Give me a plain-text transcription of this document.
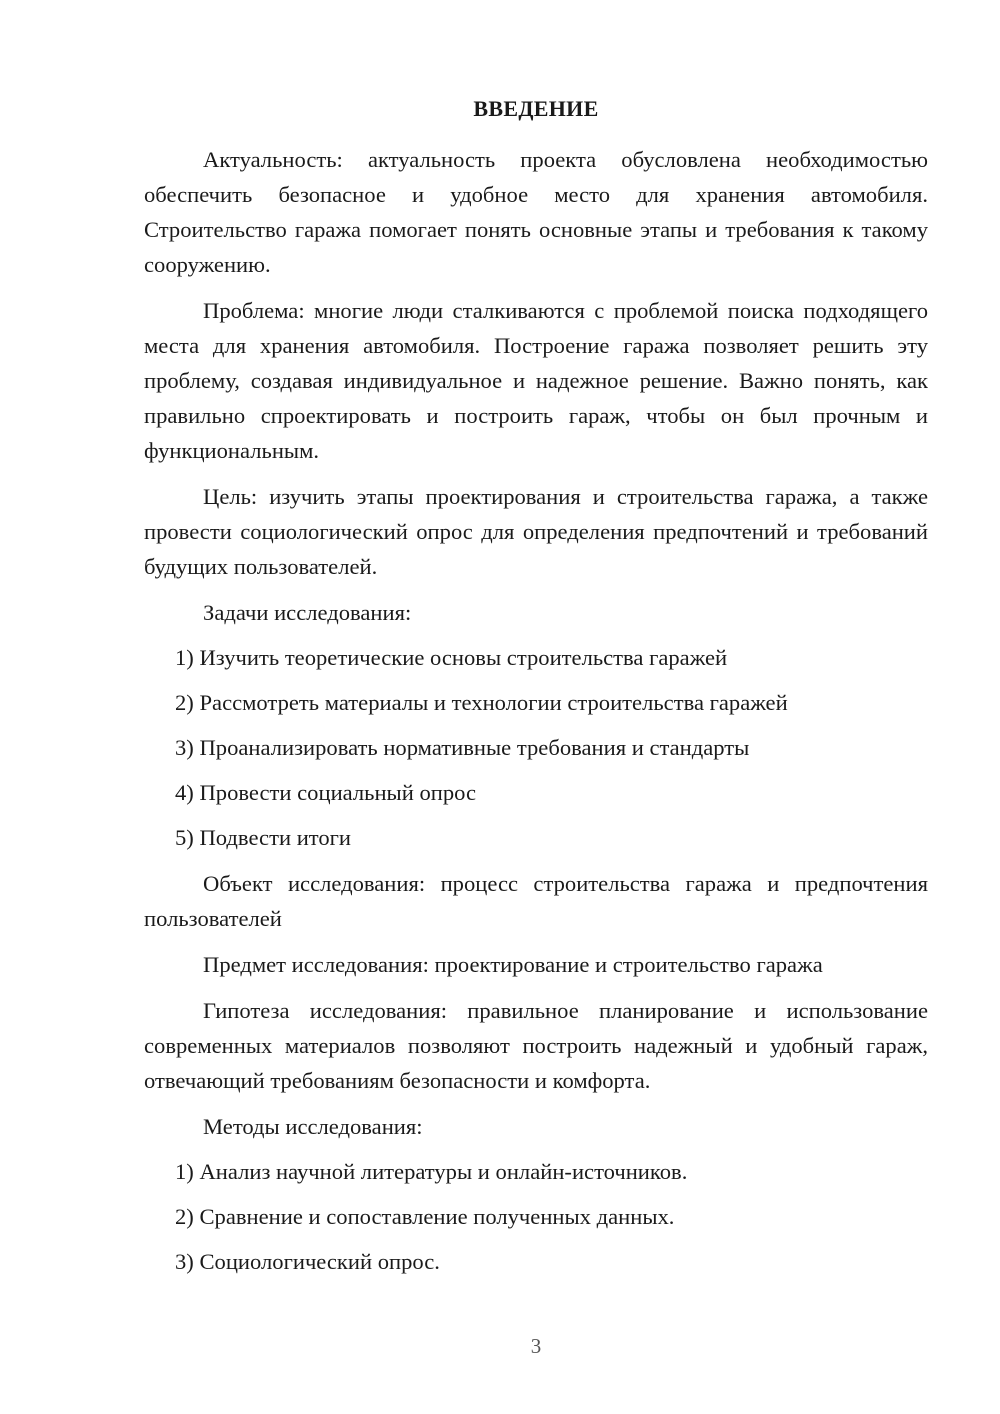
ВВЕДЕНИЕ

Актуальность: актуальность проекта обусловлена необходимостью обеспечить безопасное и удобное место для хранения автомобиля. Строительство гаража помогает понять основные этапы и требования к такому сооружению.

Проблема: многие люди сталкиваются с проблемой поиска подходящего места для хранения автомобиля. Построение гаража позволяет решить эту проблему, создавая индивидуальное и надежное решение. Важно понять, как правильно спроектировать и построить гараж, чтобы он был прочным и функциональным.

Цель: изучить этапы проектирования и строительства гаража, а также провести социологический опрос для определения предпочтений и требований будущих пользователей.

Задачи исследования:

1) Изучить теоретические основы строительства гаражей

2) Рассмотреть материалы и технологии строительства гаражей

3) Проанализировать нормативные требования и стандарты

4) Провести социальный опрос

5) Подвести итоги

Объект исследования: процесс строительства гаража и предпочтения пользователей

Предмет исследования: проектирование и строительство гаража

Гипотеза исследования: правильное планирование и использование современных материалов позволяют построить надежный и удобный гараж, отвечающий требованиям безопасности и комфорта.

Методы исследования:

1) Анализ научной литературы и онлайн-источников.

2) Сравнение и сопоставление полученных данных.

3) Социологический опрос.

3
